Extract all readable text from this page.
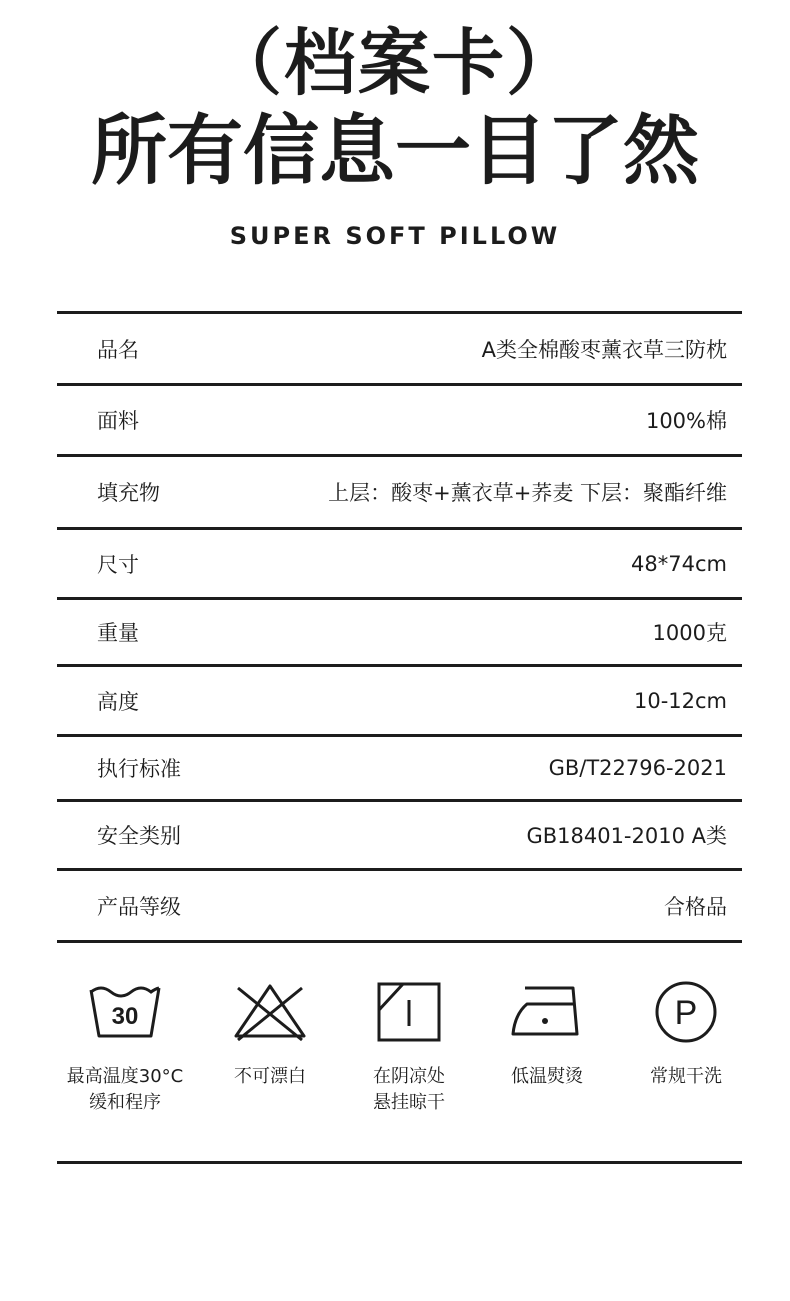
（档案卡）
所有信息一目了然
SUPER SOFT PILLOW
品名	A类全棉酸枣薰衣草三防枕
面料	100%棉
填充物	上层：酸枣+薰衣草+荞麦 下层：聚酯纤维
尺寸	48*74cm
重量	1000克
高度	10-12cm
执行标准	GB/T22796-2021
安全类别	GB18401-2010 A类
产品等级	合格品
30
最高温度30°C
缓和程序
不可漂白	在阴凉处
悬挂晾干
低温熨烫
P
常规干洗
